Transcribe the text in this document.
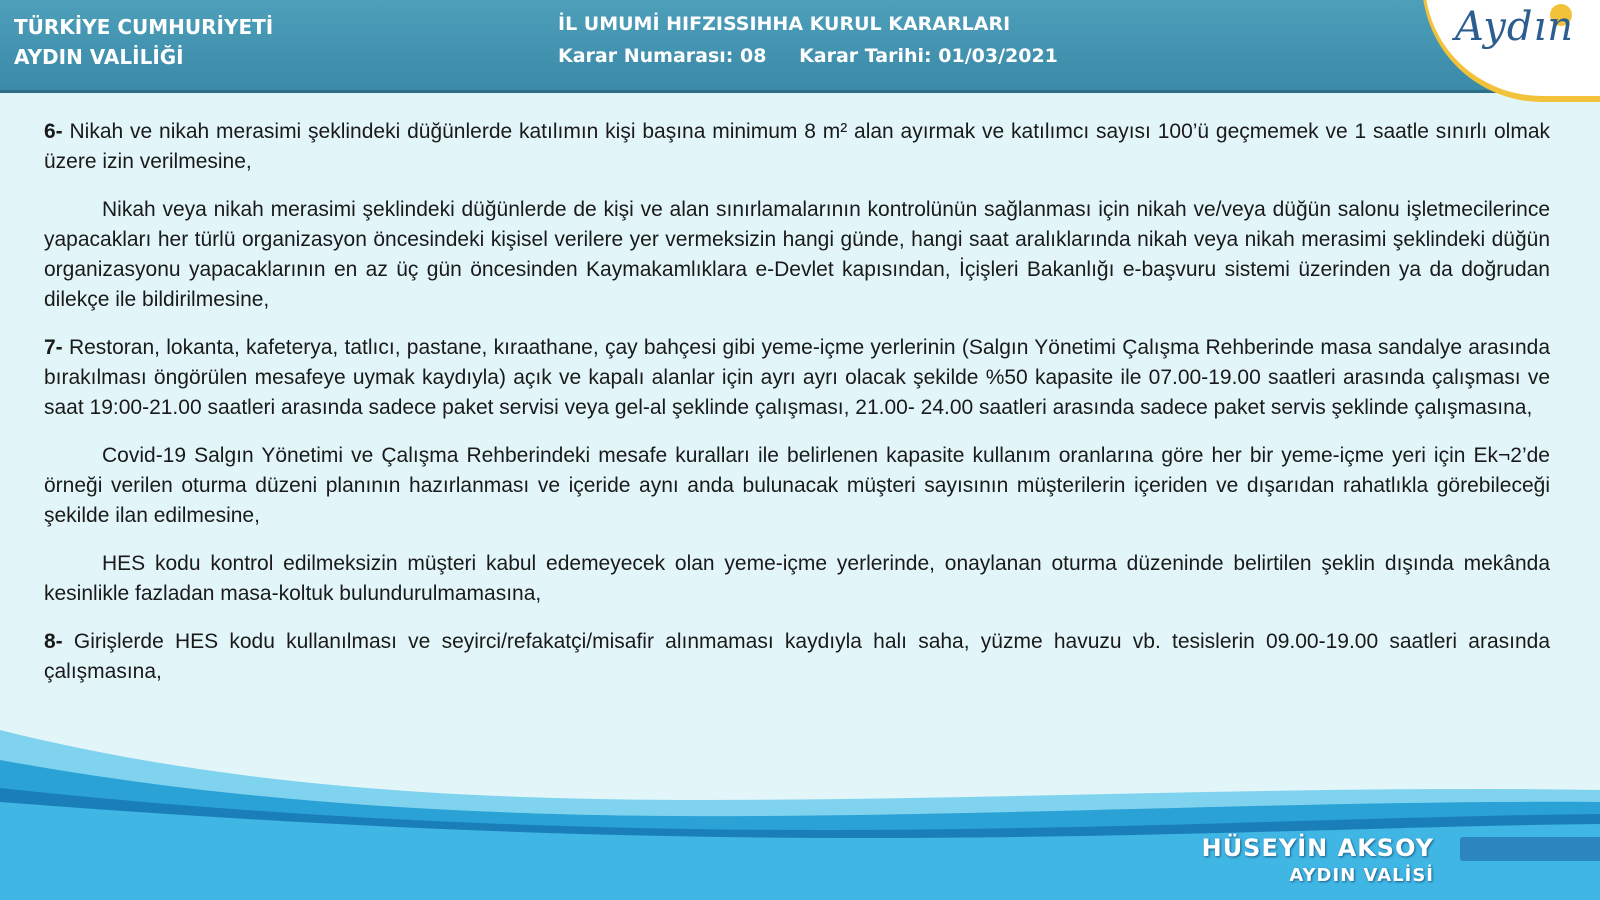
TÜRKİYE CUMHURİYETİ
AYDIN VALİLİĞİ
İL UMUMİ HIFZISSIHHA KURUL KARARLARI
Karar Numarası: 08 Karar Tarihi: 01/03/2021
Aydın

6- Nikah ve nikah merasimi şeklindeki düğünlerde katılımın kişi başına minimum 8 m² alan ayırmak ve katılımcı sayısı 100’ü geçmemek ve 1 saatle sınırlı olmak üzere izin verilmesine,

Nikah veya nikah merasimi şeklindeki düğünlerde de kişi ve alan sınırlamalarının kontrolünün sağlanması için nikah ve/veya düğün salonu işletmecilerince yapacakları her türlü organizasyon öncesindeki kişisel verilere yer vermeksizin hangi günde, hangi saat aralıklarında nikah veya nikah merasimi şeklindeki düğün organizasyonu yapacaklarının en az üç gün öncesinden Kaymakamlıklara e-Devlet kapısından, İçişleri Bakanlığı e-başvuru sistemi üzerinden ya da doğrudan dilekçe ile bildirilmesine,

7- Restoran, lokanta, kafeterya, tatlıcı, pastane, kıraathane, çay bahçesi gibi yeme-içme yerlerinin (Salgın Yönetimi Çalışma Rehberinde masa sandalye arasında bırakılması öngörülen mesafeye uymak kaydıyla) açık ve kapalı alanlar için ayrı ayrı olacak şekilde %50 kapasite ile 07.00-19.00 saatleri arasında çalışması ve saat 19:00-21.00 saatleri arasında sadece paket servisi veya gel-al şeklinde çalışması, 21.00- 24.00 saatleri arasında sadece paket servis şeklinde çalışmasına,

Covid-19 Salgın Yönetimi ve Çalışma Rehberindeki mesafe kuralları ile belirlenen kapasite kullanım oranlarına göre her bir yeme-içme yeri için Ek¬2’de örneği verilen oturma düzeni planının hazırlanması ve içeride aynı anda bulunacak müşteri sayısının müşterilerin içeriden ve dışarıdan rahatlıkla görebileceği şekilde ilan edilmesine,

HES kodu kontrol edilmeksizin müşteri kabul edemeyecek olan yeme-içme yerlerinde, onaylanan oturma düzeninde belirtilen şeklin dışında mekânda kesinlikle fazladan masa-koltuk bulundurulmamasına,

8- Girişlerde HES kodu kullanılması ve seyirci/refakatçi/misafir alınmaması kaydıyla halı saha, yüzme havuzu vb. tesislerin 09.00-19.00 saatleri arasında çalışmasına,

HÜSEYİN AKSOY
AYDIN VALİSİ
